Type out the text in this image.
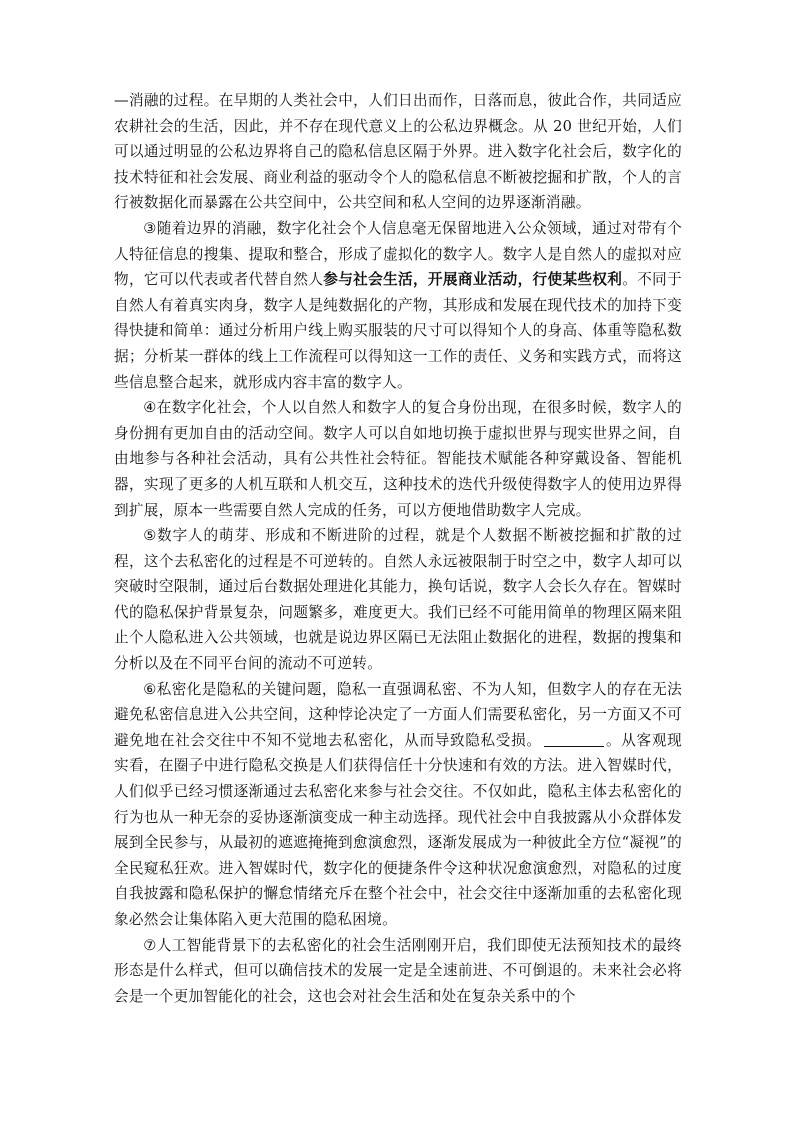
—消融的过程。在早期的人类社会中，人们日出而作，日落而息，彼此合作，共同适应农耕社会的生活，因此，并不存在现代意义上的公私边界概念。从 20 世纪开始，人们可以通过明显的公私边界将自己的隐私信息区隔于外界。进入数字化社会后，数字化的技术特征和社会发展、商业利益的驱动令个人的隐私信息不断被挖掘和扩散，个人的言行被数据化而暴露在公共空间中，公共空间和私人空间的边界逐渐消融。

③随着边界的消融，数字化社会个人信息毫无保留地进入公众领域，通过对带有个人特征信息的搜集、提取和整合，形成了虚拟化的数字人。数字人是自然人的虚拟对应物，它可以代表或者代替自然人参与社会生活，开展商业活动，行使某些权利。不同于自然人有着真实肉身，数字人是纯数据化的产物，其形成和发展在现代技术的加持下变得快捷和简单：通过分析用户线上购买服装的尺寸可以得知个人的身高、体重等隐私数据；分析某一群体的线上工作流程可以得知这一工作的责任、义务和实践方式，而将这些信息整合起来，就形成内容丰富的数字人。

④在数字化社会，个人以自然人和数字人的复合身份出现，在很多时候，数字人的身份拥有更加自由的活动空间。数字人可以自如地切换于虚拟世界与现实世界之间，自由地参与各种社会活动，具有公共性社会特征。智能技术赋能各种穿戴设备、智能机器，实现了更多的人机互联和人机交互，这种技术的迭代升级使得数字人的使用边界得到扩展，原本一些需要自然人完成的任务，可以方便地借助数字人完成。

⑤数字人的萌芽、形成和不断进阶的过程，就是个人数据不断被挖掘和扩散的过程，这个去私密化的过程是不可逆转的。自然人永远被限制于时空之中，数字人却可以突破时空限制，通过后台数据处理进化其能力，换句话说，数字人会长久存在。智媒时代的隐私保护背景复杂，问题繁多，难度更大。我们已经不可能用简单的物理区隔来阻止个人隐私进入公共领域，也就是说边界区隔已无法阻止数据化的进程，数据的搜集和分析以及在不同平台间的流动不可逆转。

⑥私密化是隐私的关键问题，隐私一直强调私密、不为人知，但数字人的存在无法避免私密信息进入公共空间，这种悖论决定了一方面人们需要私密化，另一方面又不可避免地在社会交往中不知不觉地去私密化，从而导致隐私受损。	。从客观现实看，在圈子中进行隐私交换是人们获得信任十分快速和有效的方法。进入智媒时代，人们似乎已经习惯逐渐通过去私密化来参与社会交往。不仅如此，隐私主体去私密化的行为也从一种无奈的妥协逐渐演变成一种主动选择。现代社会中自我披露从小众群体发展到全民参与，从最初的遮遮掩掩到愈演愈烈，逐渐发展成为一种彼此全方位“凝视”的全民窥私狂欢。进入智媒时代，数字化的便捷条件令这种状况愈演愈烈，对隐私的过度自我披露和隐私保护的懈怠情绪充斥在整个社会中，社会交往中逐渐加重的去私密化现象必然会让集体陷入更大范围的隐私困境。

⑦人工智能背景下的去私密化的社会生活刚刚开启，我们即使无法预知技术的最终形态是什么样式，但可以确信技术的发展一定是全速前进、不可倒退的。未来社会必将会是一个更加智能化的社会，这也会对社会生活和处在复杂关系中的个
